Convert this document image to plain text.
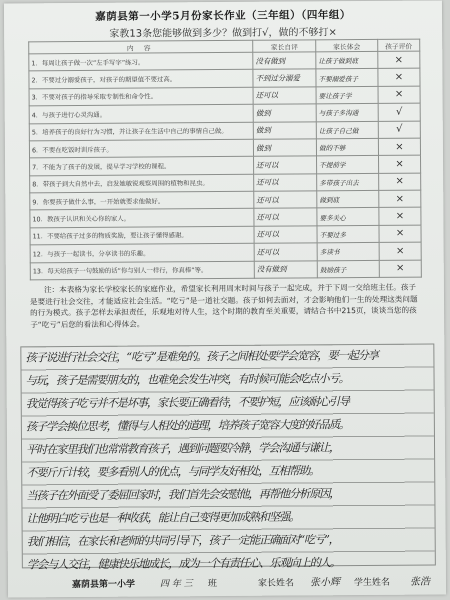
嘉荫县第一小学5月份家长作业（三年组）（四年组）
家教13条您能够做到多少？做到打√，做的不够打×
内 容	家长自评	家长体会	孩子评价
1．每周让孩子做一次“左手写字”练习。	没有做到	让孩子做到底	×
2．不要过分溺爱孩子，对孩子的期望值不要过高。	不到过分溺爱	不要溺爱孩子	×
3．不要对孩子的指导采取专制性和命令性。	还可以	要让孩子学	×
4．与孩子进行心灵沟通。	做到	与孩子多沟通	√
5．培养孩子的良好行为习惯，并让孩子在生活中自己的事情自己做。	做到	让孩子自己做	√
6．不要在吃饭时训斥孩子。	做到	做的不够	×
7．不能为了孩子的发展，提早学习学校的课程。	还可以	不提前学	×
8．带孩子到大自然中去，启发她敏锐观察周围的植物和昆虫。	还可以	多带孩子出去	×
9．你要孩子做什么事，一开始就要求他做好。	还可以	做到底	×
10．教孩子认识和关心你的家人。	还可以	要多关心	×
11．不要给孩子过多的物质奖励，要让孩子懂得感谢。	还可以	不要过多	×
12．与孩子一起读书，分享读书的乐趣。	还可以	多读书	×
13．每天给孩子一句鼓励的话“你与别人一样行，你真棒”等。	没有做到	鼓励孩子	×
注：本表格为家长学校家长的家庭作业，希望家长利用周末时间与孩子一起完成，并于下周一交给班主任。孩子是要进行社会交往，才能适应社会生活。“吃亏”是一道社交题。孩子如何去面对，才会影响他们一生的处理这类问题的行为模式。孩子怎样去承担责任，乐观地对待人生，这个时期的教育至关重要，请结合书中215页，谈谈当您的孩子“吃亏”后您的看法和心得体会。
孩子说进行社会交往，“吃亏”是难免的。孩子之间相处要学会宽容，要一起分享
与玩，孩子是需要朋友的，也难免会发生冲突，有时候可能会吃点小亏。
我觉得孩子吃亏并不是坏事，家长要正确看待，不要护短，应该耐心引导
孩子学会换位思考，懂得与人相处的道理，培养孩子宽容大度的好品质。
平时在家里我们也常常教育孩子，遇到问题要冷静，学会沟通与谦让，
不要斤斤计较，要多看别人的优点，与同学友好相处，互相帮助。
当孩子在外面受了委屈回家时，我们首先会安慰他，再帮他分析原因，
让他明白吃亏也是一种收获，能让自己变得更加成熟和坚强。
我们相信，在家长和老师的共同引导下，孩子一定能正确面对“吃亏”，
学会与人交往，健康快乐地成长，成为一个有责任心、乐观向上的人。
嘉荫县第一小学	四 年 三 班	家长姓名 张小辉 学生姓名 张浩
